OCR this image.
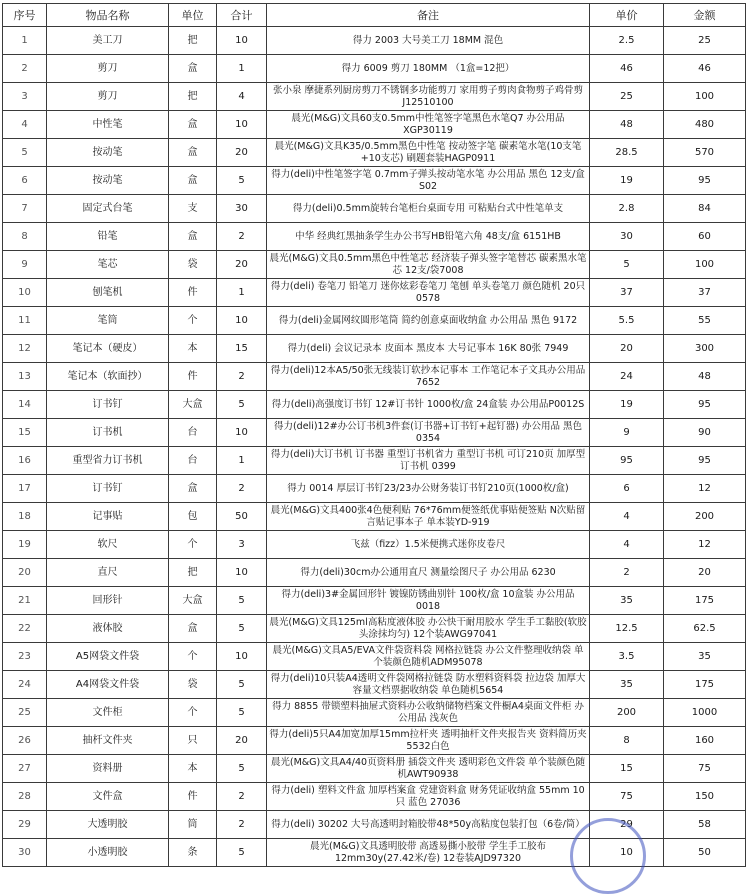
序号	物品名称	单位	合计	备注	单价	金额
1	美工刀	把	10	得力 2003 大号美工刀 18MM 混色	2.5	25
2	剪刀	盒	1	得力 6009 剪刀 180MM （1盒=12把）	46	46
3	剪刀	把	4	张小泉 摩捷系列厨房剪刀不锈钢多功能剪刀 家用剪子剪肉食物剪子鸡骨剪J12510100	25	100
4	中性笔	盒	10	晨光(M&G)文具60支0.5mm中性笔签字笔黑色水笔Q7 办公用品XGP30119	48	480
5	按动笔	盒	20	晨光(M&G)文具K35/0.5mm黑色中性笔 按动签字笔 碳素笔水笔(10支笔+10支芯) 刷题套装HAGP0911	28.5	570
6	按动笔	盒	5	得力(deli)中性笔签字笔 0.7mm子弹头按动笔水笔 办公用品 黑色 12支/盒 S02	19	95
7	固定式台笔	支	30	得力(deli)0.5mm旋转台笔柜台桌面专用 可粘贴台式中性笔单支	2.8	84
8	铅笔	盒	2	中华 经典红黑抽条学生办公书写HB铅笔六角 48支/盒 6151HB	30	60
9	笔芯	袋	20	晨光(M&G)文具0.5mm黑色中性笔芯 经济装子弹头签字笔替芯 碳素黑水笔芯 12支/袋7008	5	100
10	刨笔机	件	1	得力(deli) 卷笔刀 铅笔刀 迷你炫彩卷笔刀 笔刨 单头卷笔刀 颜色随机 20只0578	37	37
11	笔筒	个	10	得力(deli)金属网纹圆形笔筒 简约创意桌面收纳盒 办公用品 黑色 9172	5.5	55
12	笔记本（硬皮）	本	15	得力(deli) 会议记录本 皮面本 黑皮本 大号记事本 16K 80张 7949	20	300
13	笔记本（软面抄）	件	2	得力(deli)12本A5/50张无线装订软抄本记事本 工作笔记本子文具办公用品 7652	24	48
14	订书钉	大盒	5	得力(deli)高强度订书钉 12#订书针 1000枚/盒 24盒装 办公用品P0012S	19	95
15	订书机	台	10	得力(deli)12#办公订书机3件套(订书器+订书钉+起钉器) 办公用品 黑色0354	9	90
16	重型省力订书机	台	1	得力(deli)大订书机 订书器 重型订书机省力 重型订书机 可订210页 加厚型 订书机 0399	95	95
17	订书钉	盒	2	得力 0014 厚层订书钉23/23办公财务装订书钉210页(1000枚/盒)	6	12
18	记事贴	包	50	晨光(M&G)文具400张4色便利贴 76*76mm便签纸优事贴便签贴 N次贴留言贴记事本子 单本装YD-919	4	200
19	软尺	个	3	飞兹（fizz）1.5米便携式迷你皮卷尺	4	12
20	直尺	把	10	得力(deli)30cm办公通用直尺 测量绘图尺子 办公用品 6230	2	20
21	回形针	大盒	5	得力(deli)3#金属回形针 镀镍防锈曲别针 100枚/盒 10盒装 办公用品 0018	35	175
22	液体胶	盒	5	晨光(M&G)文具125ml高粘度液体胶 办公快干耐用胶水 学生手工黏胶(软胶头涂抹均匀) 12个装AWG97041	12.5	62.5
23	A5网袋文件袋	个	10	晨光(M&G)文具A5/EVA文件袋资料袋 网格拉链袋 办公文件整理收纳袋 单个装颜色随机ADM95078	3.5	35
24	A4网袋文件袋	袋	5	得力(deli)10只装A4透明文件袋网格拉链袋 防水塑料资料袋 拉边袋 加厚大容量文档票据收纳袋 单色随机5654	35	175
25	文件柜	个	5	得力 8855 带锁塑料抽屉式资料办公收纳储物档案文件橱A4桌面文件柜 办公用品 浅灰色	200	1000
26	抽杆文件夹	只	20	得力(deli)5只A4加宽加厚15mm拉杆夹 透明抽杆文件夹报告夹 资料简历夹5532白色	8	160
27	资料册	本	5	晨光(M&G)文具A4/40页资料册 插袋文件夹 透明彩色文件袋 单个装颜色随机AWT90938	15	75
28	文件盒	件	2	得力(deli) 塑料文件盒 加厚档案盒 党建资料盒 财务凭证收纳盒 55mm 10只 蓝色 27036	75	150
29	大透明胶	筒	2	得力(deli) 30202 大号高透明封箱胶带48*50y高粘度包装打包（6卷/筒）	29	58
30	小透明胶	条	5	晨光(M&G)文具透明胶带 高透易撕小胶带 学生手工胶布 12mm30y(27.42米/卷) 12卷装AJD97320	10	50
